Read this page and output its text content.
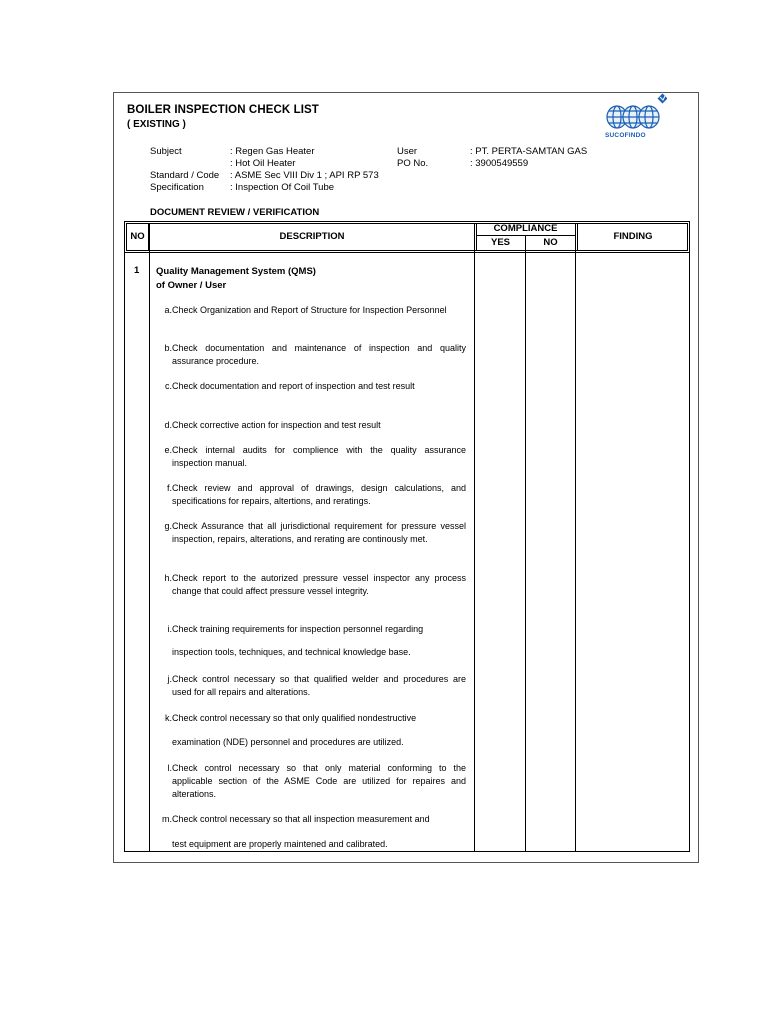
BOILER INSPECTION CHECK LIST
( EXISTING )
SUCOFINDO
Subject	: Regen Gas Heater
: Hot Oil Heater
Standard / Code : ASME Sec VIII Div 1 ; API RP 573
Specification	: Inspection Of Coil Tube
User	: PT. PERTA-SAMTAN GAS
PO No.	: 3900549559
DOCUMENT REVIEW / VERIFICATION
NO	DESCRIPTION
COMPLIANCE
YES	NO
FINDING
1 Quality Management System (QMS)
of Owner / User
a. Check Organization and Report of Structure for Inspection Personnel
b. Check documentation and maintenance of inspection and quality assurance procedure.
c. Check documentation and report of inspection and test result
d. Check corrective action for inspection and test result
e. Check internal audits for complience with the quality assurance inspection manual.
f. Check review and approval of drawings, design calculations, and specifications for repairs, altertions, and reratings.
g. Check Assurance that all jurisdictional requirement for pressure vessel inspection, repairs, alterations, and rerating are continously met.
h. Check report to the autorized pressure vessel inspector any process change that could affect pressure vessel integrity.
i. Check training requirements for inspection personnel regarding
inspection tools, techniques, and technical knowledge base.
j. Check control necessary so that qualified welder and procedures are used for all repairs and alterations.
k. Check control necessary so that only qualified nondestructive
examination (NDE) personnel and procedures are utilized.
l. Check control necessary so that only material conforming to the applicable section of the ASME Code are utilized for repaires and alterations.
m. Check control necessary so that all inspection measurement and
test equipment are properly maintened and calibrated.
